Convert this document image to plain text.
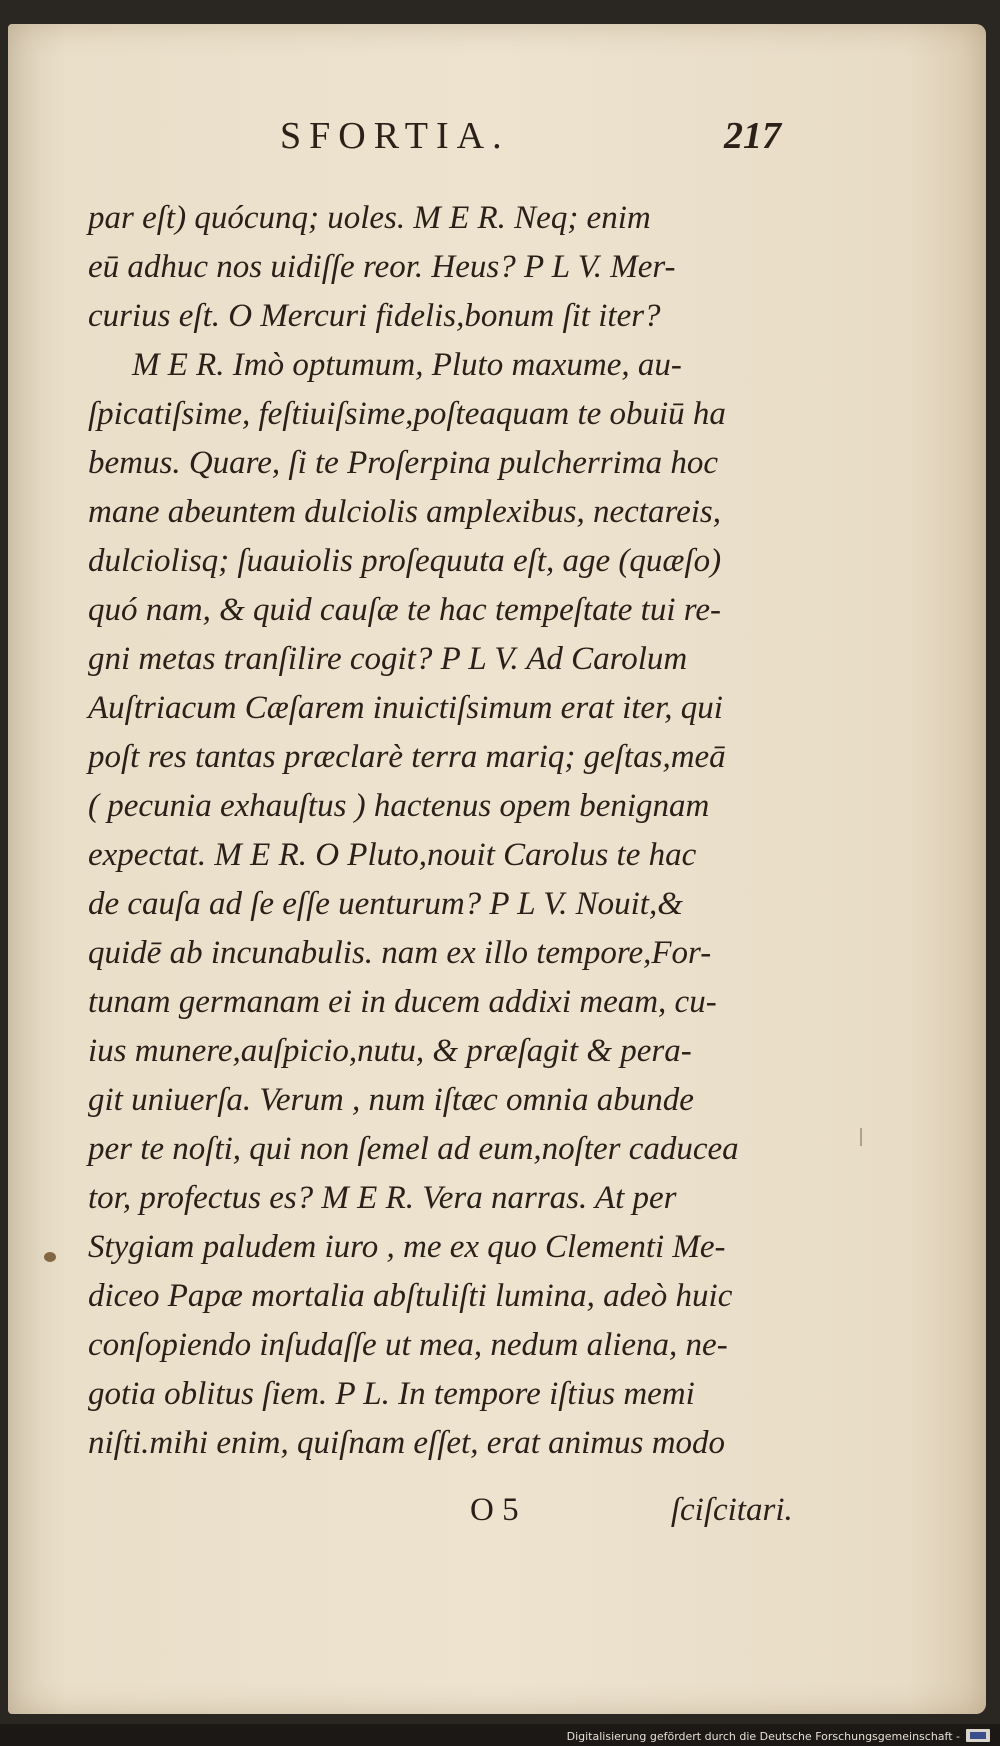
SFORTIA.	217
par eſt) quócunq; uoles. M E R. Neq; enim
eū adhuc nos uidiſſe reor. Heus? P L V. Mer-
curius eſt. O Mercuri fidelis,bonum ſit iter?
M E R. Imò optumum, Pluto maxume, au-
ſpicatiſsime, feſtiuiſsime,poſteaquam te obuiū ha
bemus. Quare, ſi te Proſerpina pulcherrima hoc
mane abeuntem dulciolis amplexibus, nectareis,
dulciolisq; ſuauiolis proſequuta eſt, age (quæſo)
quó nam, & quid cauſæ te hac tempeſtate tui re-
gni metas tranſilire cogit? P L V. Ad Carolum
Auſtriacum Cæſarem inuictiſsimum erat iter, qui
poſt res tantas præclarè terra mariq; geſtas,meā
( pecunia exhauſtus ) hactenus opem benignam
expectat. M E R. O Pluto,nouit Carolus te hac
de cauſa ad ſe eſſe uenturum? P L V. Nouit,&
quidē ab incunabulis. nam ex illo tempore,For-
tunam germanam ei in ducem addixi meam, cu-
ius munere,auſpicio,nutu, & præſagit & pera-
git uniuerſa. Verum , num iſtæc omnia abunde
per te noſti, qui non ſemel ad eum,noſter caducea
tor, profectus es? M E R. Vera narras. At per
Stygiam paludem iuro , me ex quo Clementi Me-
diceo Papæ mortalia abſtuliſti lumina, adeò huic
conſopiendo inſudaſſe ut mea, nedum aliena, ne-
gotia oblitus ſiem. P L. In tempore iſtius memi
niſti.mihi enim, quiſnam eſſet, erat animus modo
O 5	ſciſcitari.
Digitalisierung gefördert durch die Deutsche Forschungsgemeinschaft -
